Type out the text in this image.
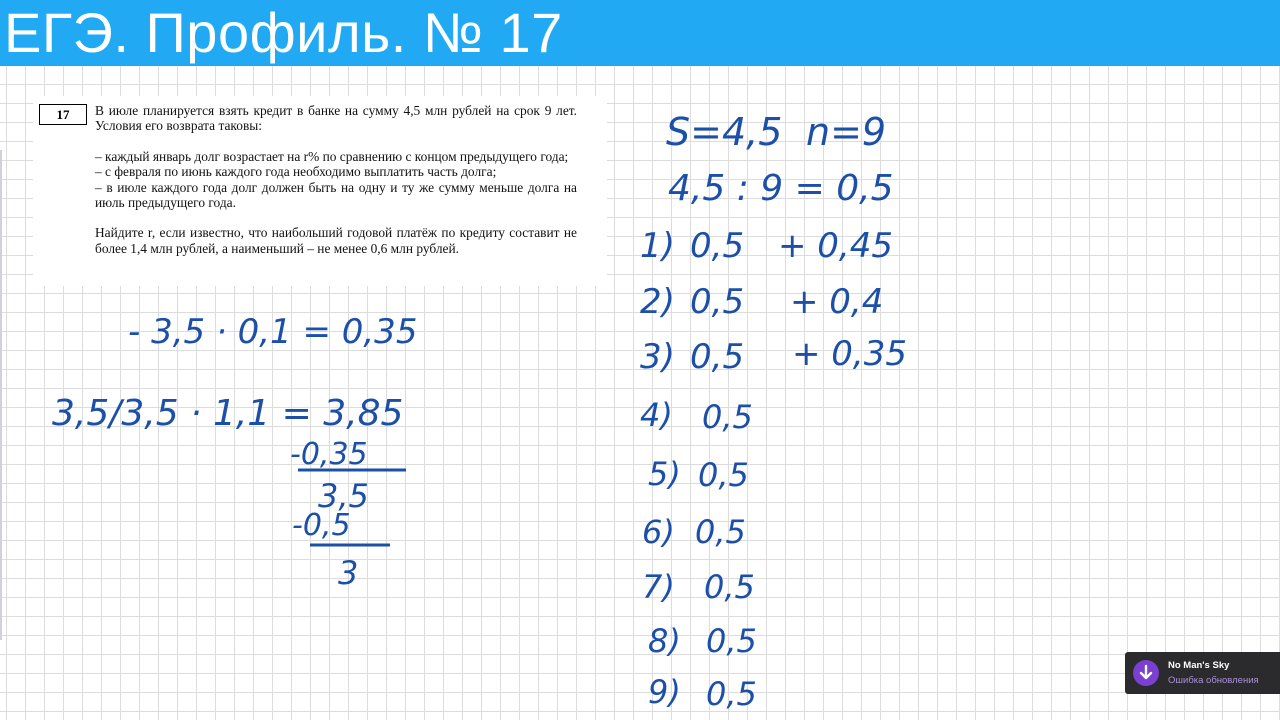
ЕГЭ. Профиль. № 17
17	В июле планируется взять кредит в банке на сумму 4,5 млн рублей на срок 9 лет. Условия его возврата таковы:

– каждый январь долг возрастает на r% по сравнению с концом предыдущего года;

– с февраля по июнь каждого года необходимо выплатить часть долга;

– в июле каждого года долг должен быть на одну и ту же сумму меньше долга на июль предыдущего года.

Найдите r, если известно, что наибольший годовой платёж по кредиту составит не более 1,4 млн рублей, а наименьший – не менее 0,6 млн рублей.

S=4,5 n=9
4,5 : 9 = 0,5
1) 0,5 + 0,45
2) 0,5 + 0,4
3) 0,5 + 0,35
4) 0,5
5) 0,5
6) 0,5
7) 0,5
8) 0,5
9) 0,5
- 3,5 · 0,1 = 0,35
3,5/3,5 · 1,1 = 3,85
-0,35
3,5
-0,5
3
No Man's Sky
Ошибка обновления
